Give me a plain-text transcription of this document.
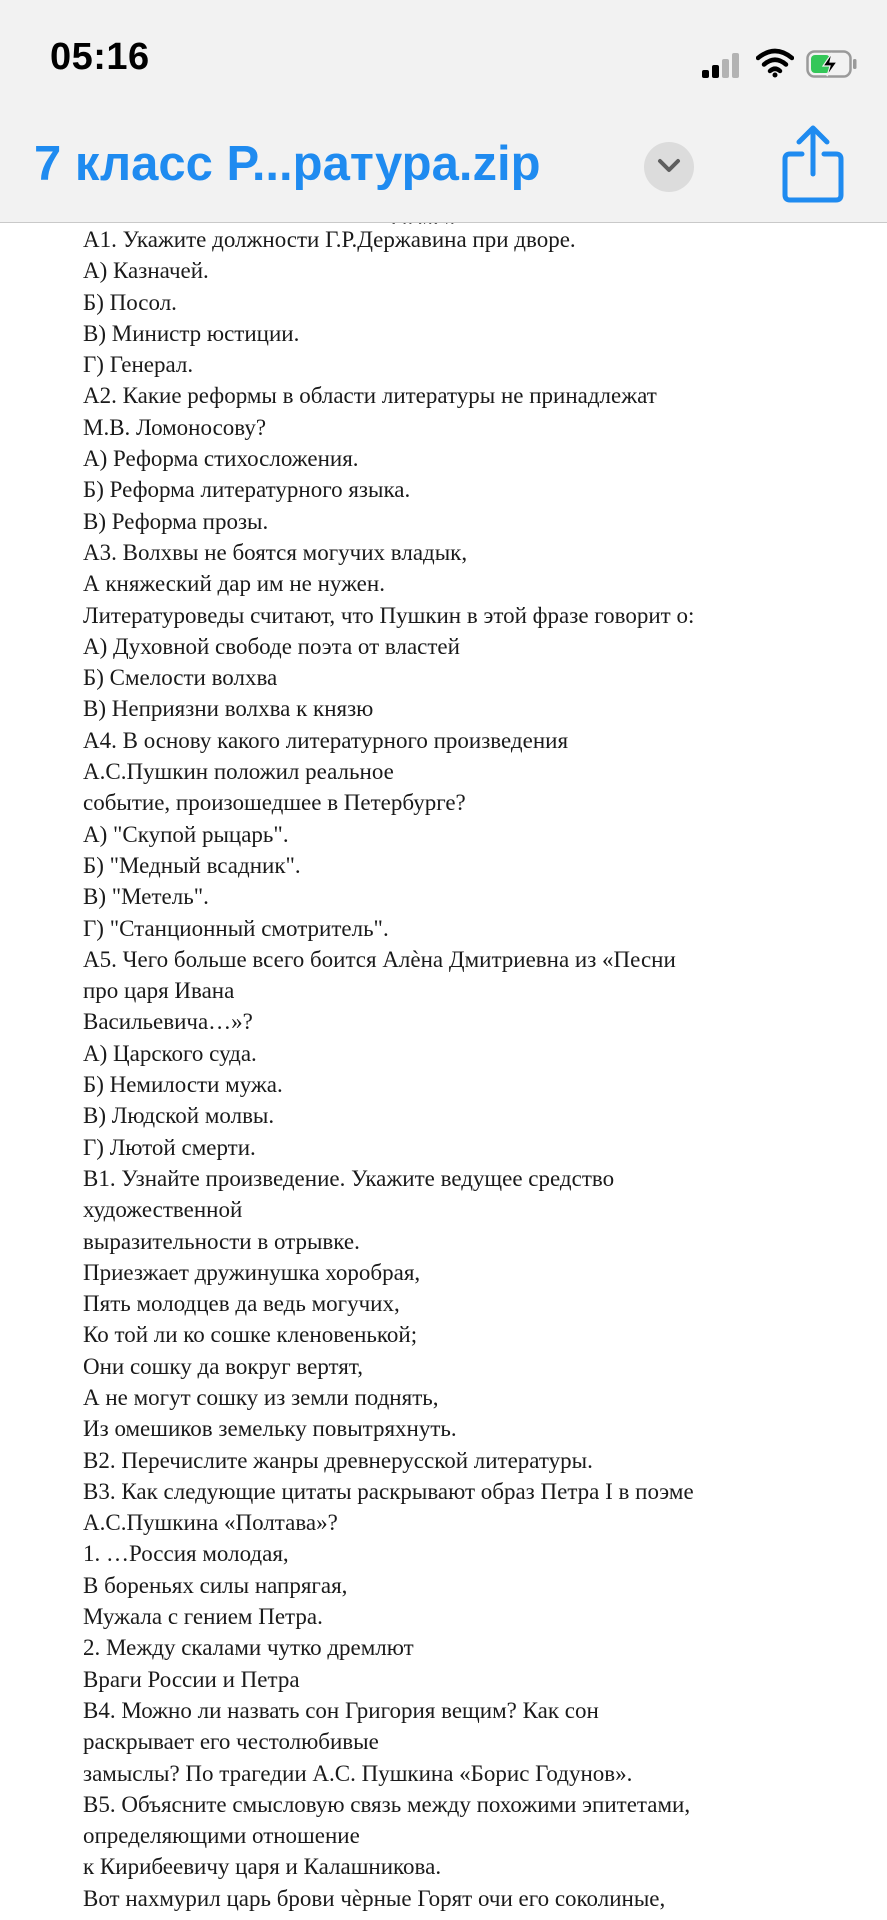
05:16
7 класс Р...ратура.zip
А1. Укажите должности Г.Р.Державина при дворе.
А) Казначей.
Б) Посол.
В) Министр юстиции.
Г) Генерал.
А2. Какие реформы в области литературы не принадлежат
М.В. Ломоносову?
А) Реформа стихосложения.
Б) Реформа литературного языка.
В) Реформа прозы.
А3. Волхвы не боятся могучих владык,
А княжеский дар им не нужен.
Литературоведы считают, что Пушкин в этой фразе говорит о:
А) Духовной свободе поэта от властей
Б) Смелости волхва
В) Неприязни волхва к князю
А4. В основу какого литературного произведения
А.С.Пушкин положил реальное
событие, произошедшее в Петербурге?
А) "Скупой рыцарь".
Б) "Медный всадник".
В) "Метель".
Г) "Станционный смотритель".
А5. Чего больше всего боится Алѐна Дмитриевна из «Песни
про царя Ивана
Васильевича…»?
А) Царского суда.
Б) Немилости мужа.
В) Людской молвы.
Г) Лютой смерти.
В1. Узнайте произведение. Укажите ведущее средство
художественной
выразительности в отрывке.
Приезжает дружинушка хоробрая,
Пять молодцев да ведь могучих,
Ко той ли ко сошке кленовенькой;
Они сошку да вокруг вертят,
А не могут сошку из земли поднять,
Из омешиков земельку повытряхнуть.
В2. Перечислите жанры древнерусской литературы.
В3. Как следующие цитаты раскрывают образ Петра I в поэме
А.С.Пушкина «Полтава»?
1. …Россия молодая,
В бореньях силы напрягая,
Мужала с гением Петра.
2. Между скалами чутко дремлют
Враги России и Петра
В4. Можно ли назвать сон Григория вещим? Как сон
раскрывает его честолюбивые
замыслы? По трагедии А.С. Пушкина «Борис Годунов».
В5. Объясните смысловую связь между похожими эпитетами,
определяющими отношение
к Кирибеевичу царя и Калашникова.
Вот нахмурил царь брови чѐрные Горят очи его соколиные,
